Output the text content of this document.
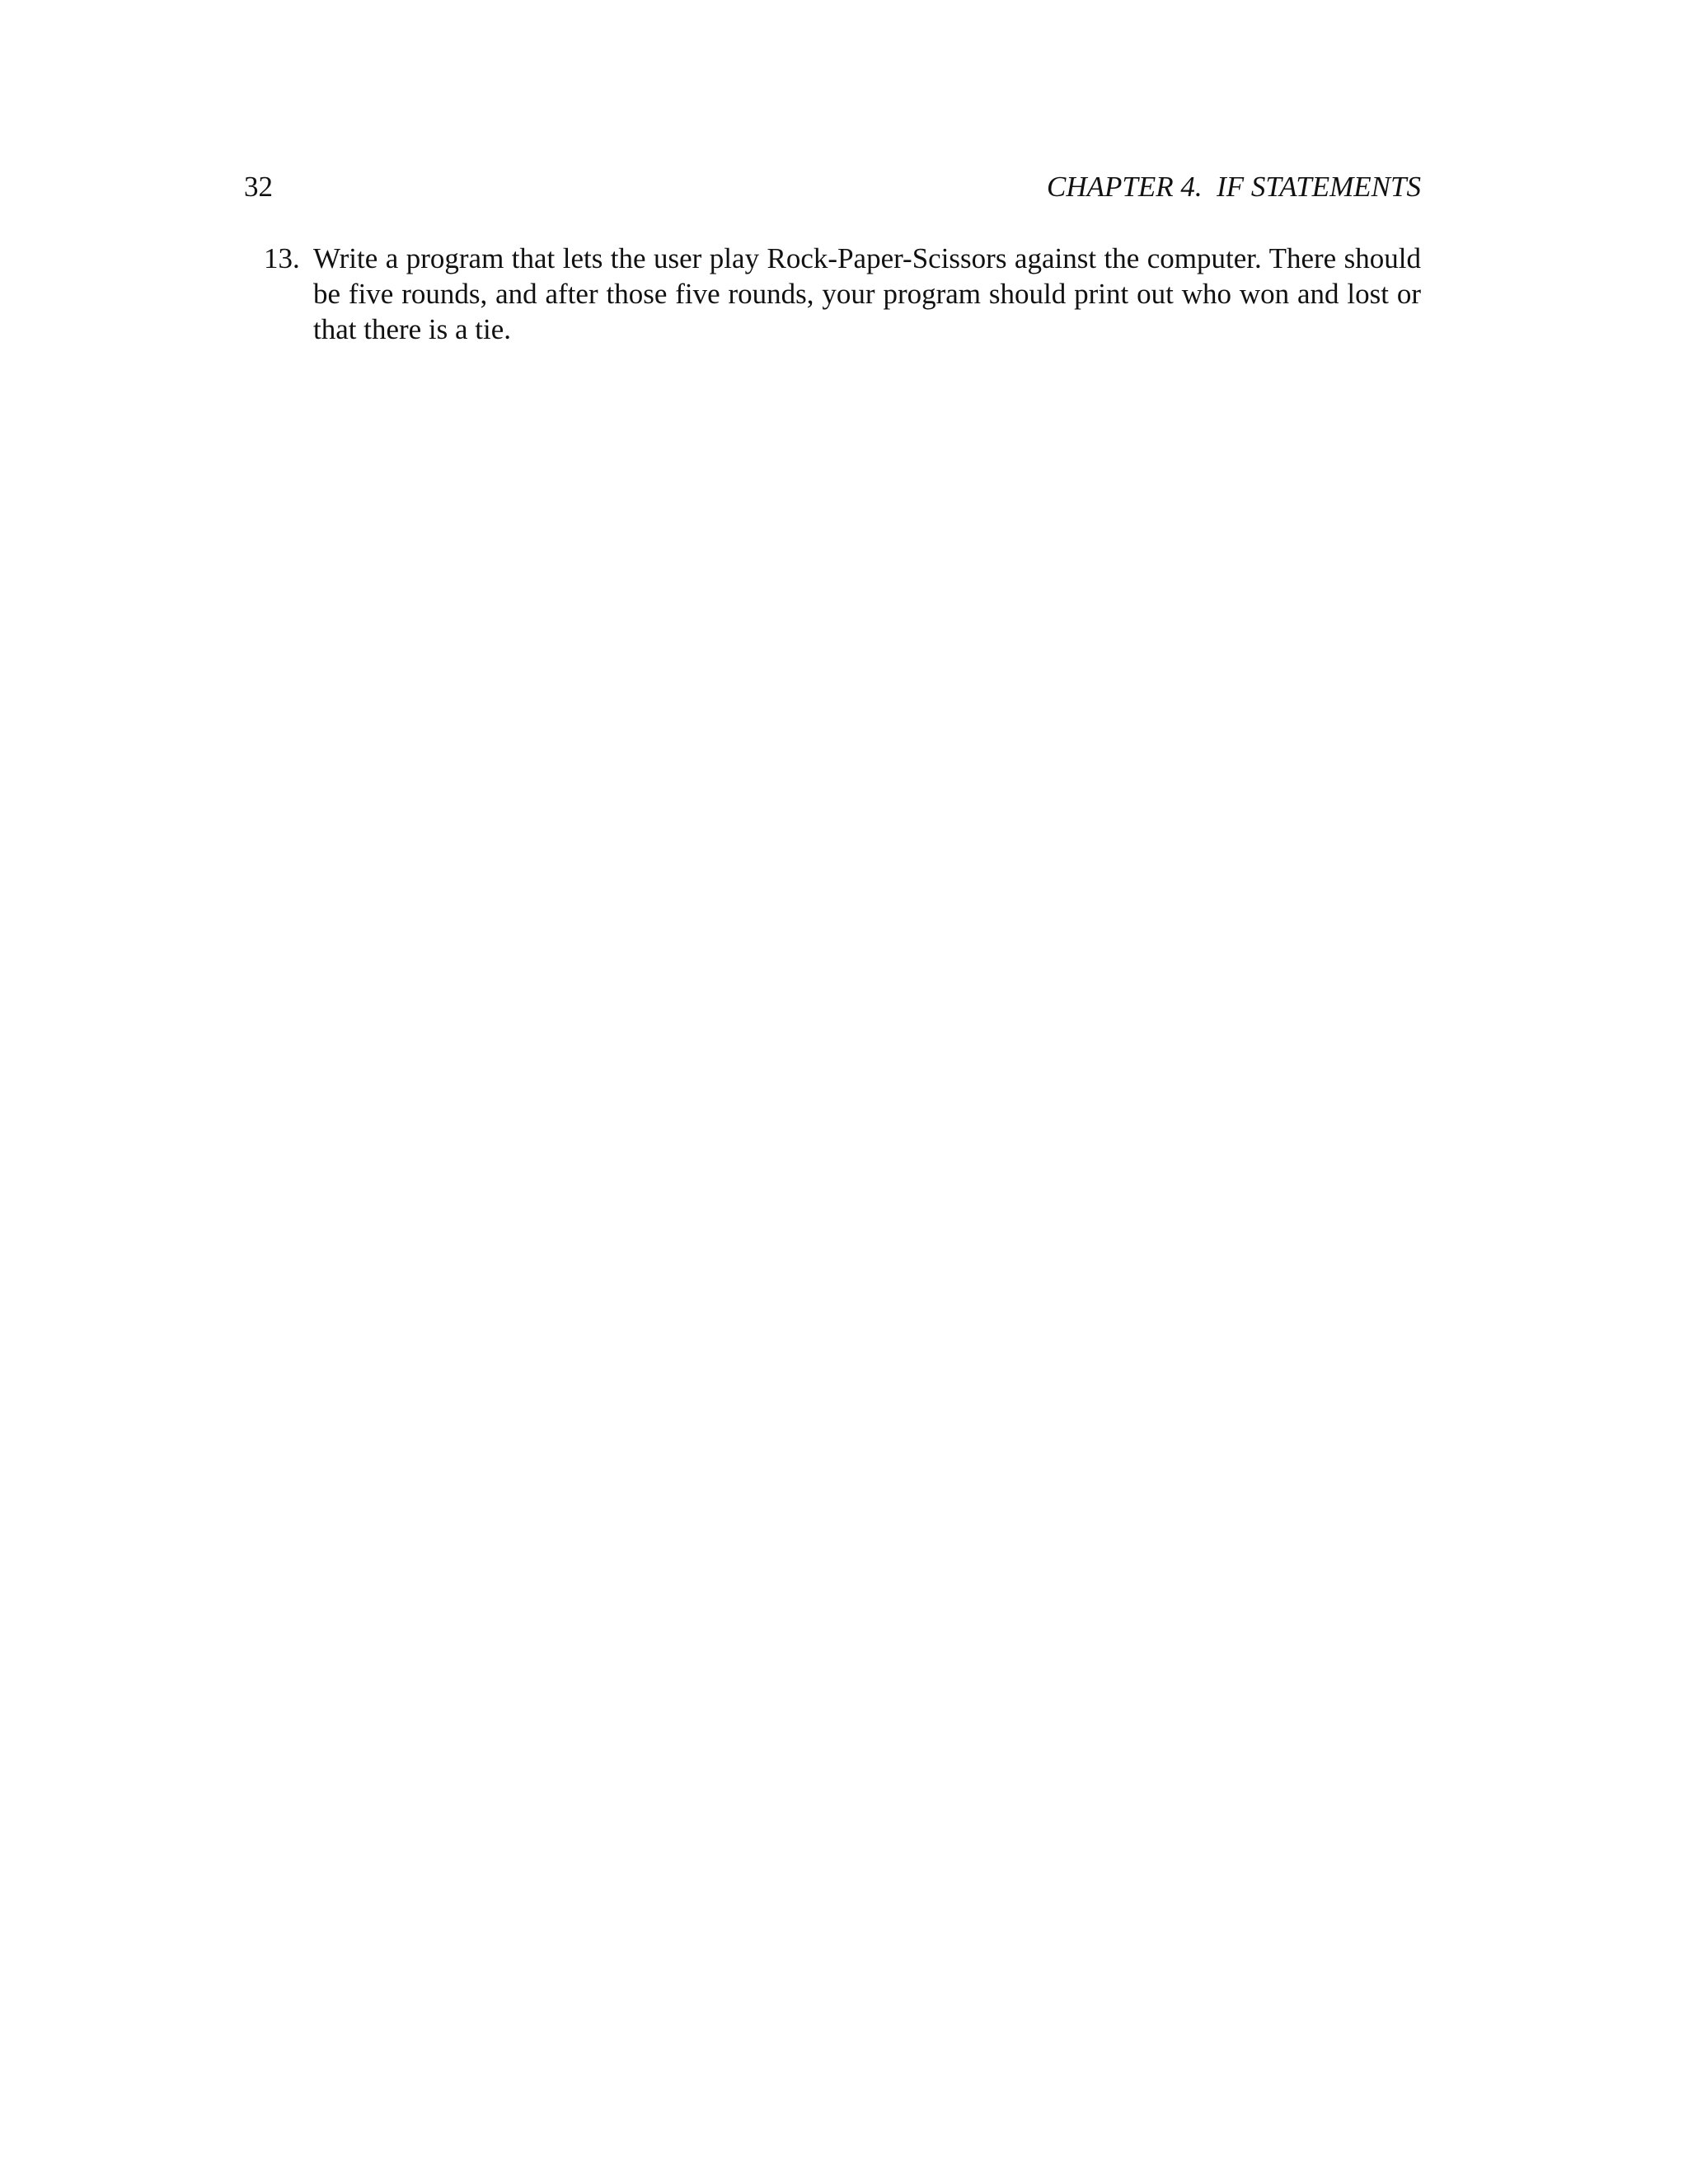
32	CHAPTER 4.  IF STATEMENTS
13. Write a program that lets the user play Rock-Paper-Scissors against the computer. There should be five rounds, and after those five rounds, your program should print out who won and lost or that there is a tie.
